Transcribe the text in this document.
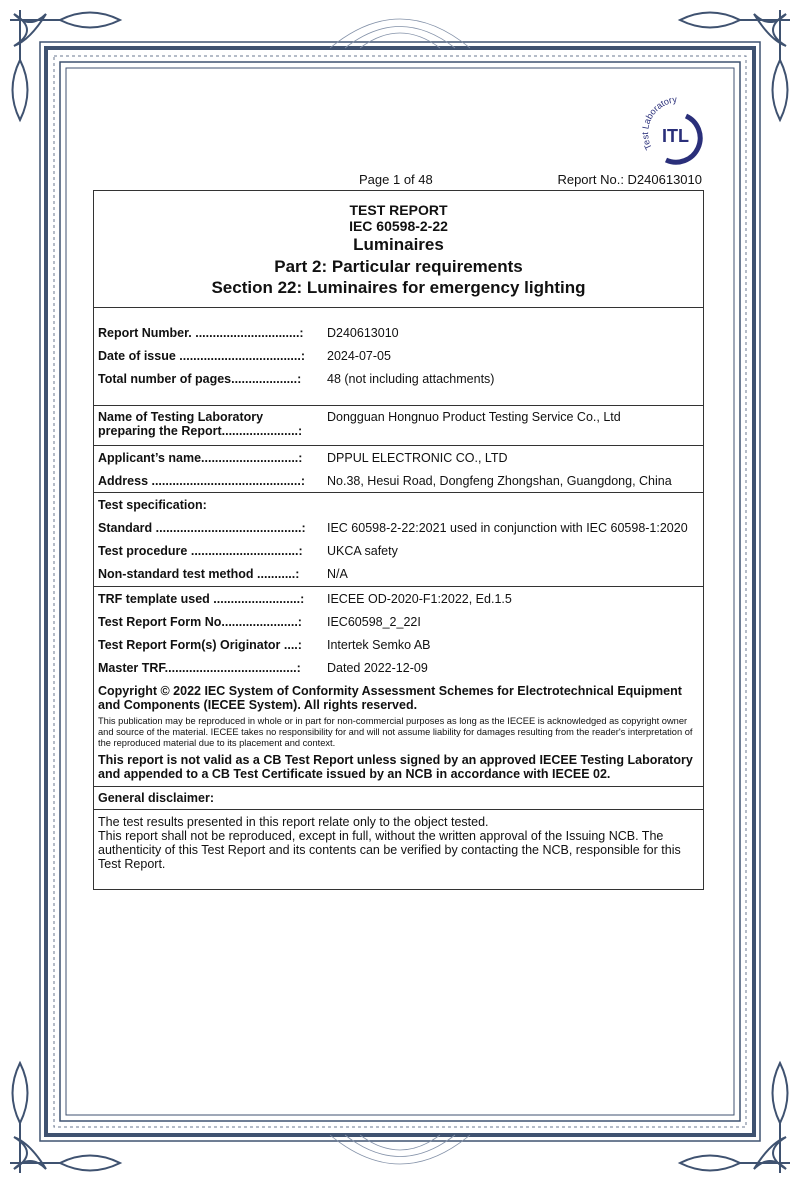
Test Laboratory
ITL
Page 1 of 48	Report No.: D240613010
TEST REPORT
IEC 60598-2-22
Luminaires
Part 2: Particular requirements
Section 22: Luminaires for emergency lighting
Report Number. ..............................:	D240613010
Date of issue ...................................:	2024-07-05
Total number of pages...................:	48 (not including attachments)
Name of Testing Laboratory
preparing the Report......................:
Dongguan Hongnuo Product Testing Service Co., Ltd
Applicant’s name............................:	DPPUL ELECTRONIC CO., LTD
Address ...........................................:	No.38, Hesui Road, Dongfeng Zhongshan, Guangdong, China
Test specification:
Standard ..........................................:	IEC 60598-2-22:2021 used in conjunction with IEC 60598-1:2020
Test procedure ...............................:	UKCA safety
Non-standard test method ...........:	N/A
TRF template used .........................:	IECEE OD-2020-F1:2022, Ed.1.5
Test Report Form No......................:	IEC60598_2_22I
Test Report Form(s) Originator ....:	Intertek Semko AB
Master TRF......................................:	Dated 2022-12-09
Copyright © 2022 IEC System of Conformity Assessment Schemes for Electrotechnical Equipment and Components (IECEE System). All rights reserved.
This publication may be reproduced in whole or in part for non-commercial purposes as long as the IECEE is acknowledged as copyright owner and source of the material. IECEE takes no responsibility for and will not assume liability for damages resulting from the reader's interpretation of the reproduced material due to its placement and context.
This report is not valid as a CB Test Report unless signed by an approved IECEE Testing Laboratory and appended to a CB Test Certificate issued by an NCB in accordance with IECEE 02.
General disclaimer:
The test results presented in this report relate only to the object tested.
This report shall not be reproduced, except in full, without the written approval of the Issuing NCB. The authenticity of this Test Report and its contents can be verified by contacting the NCB, responsible for this Test Report.
